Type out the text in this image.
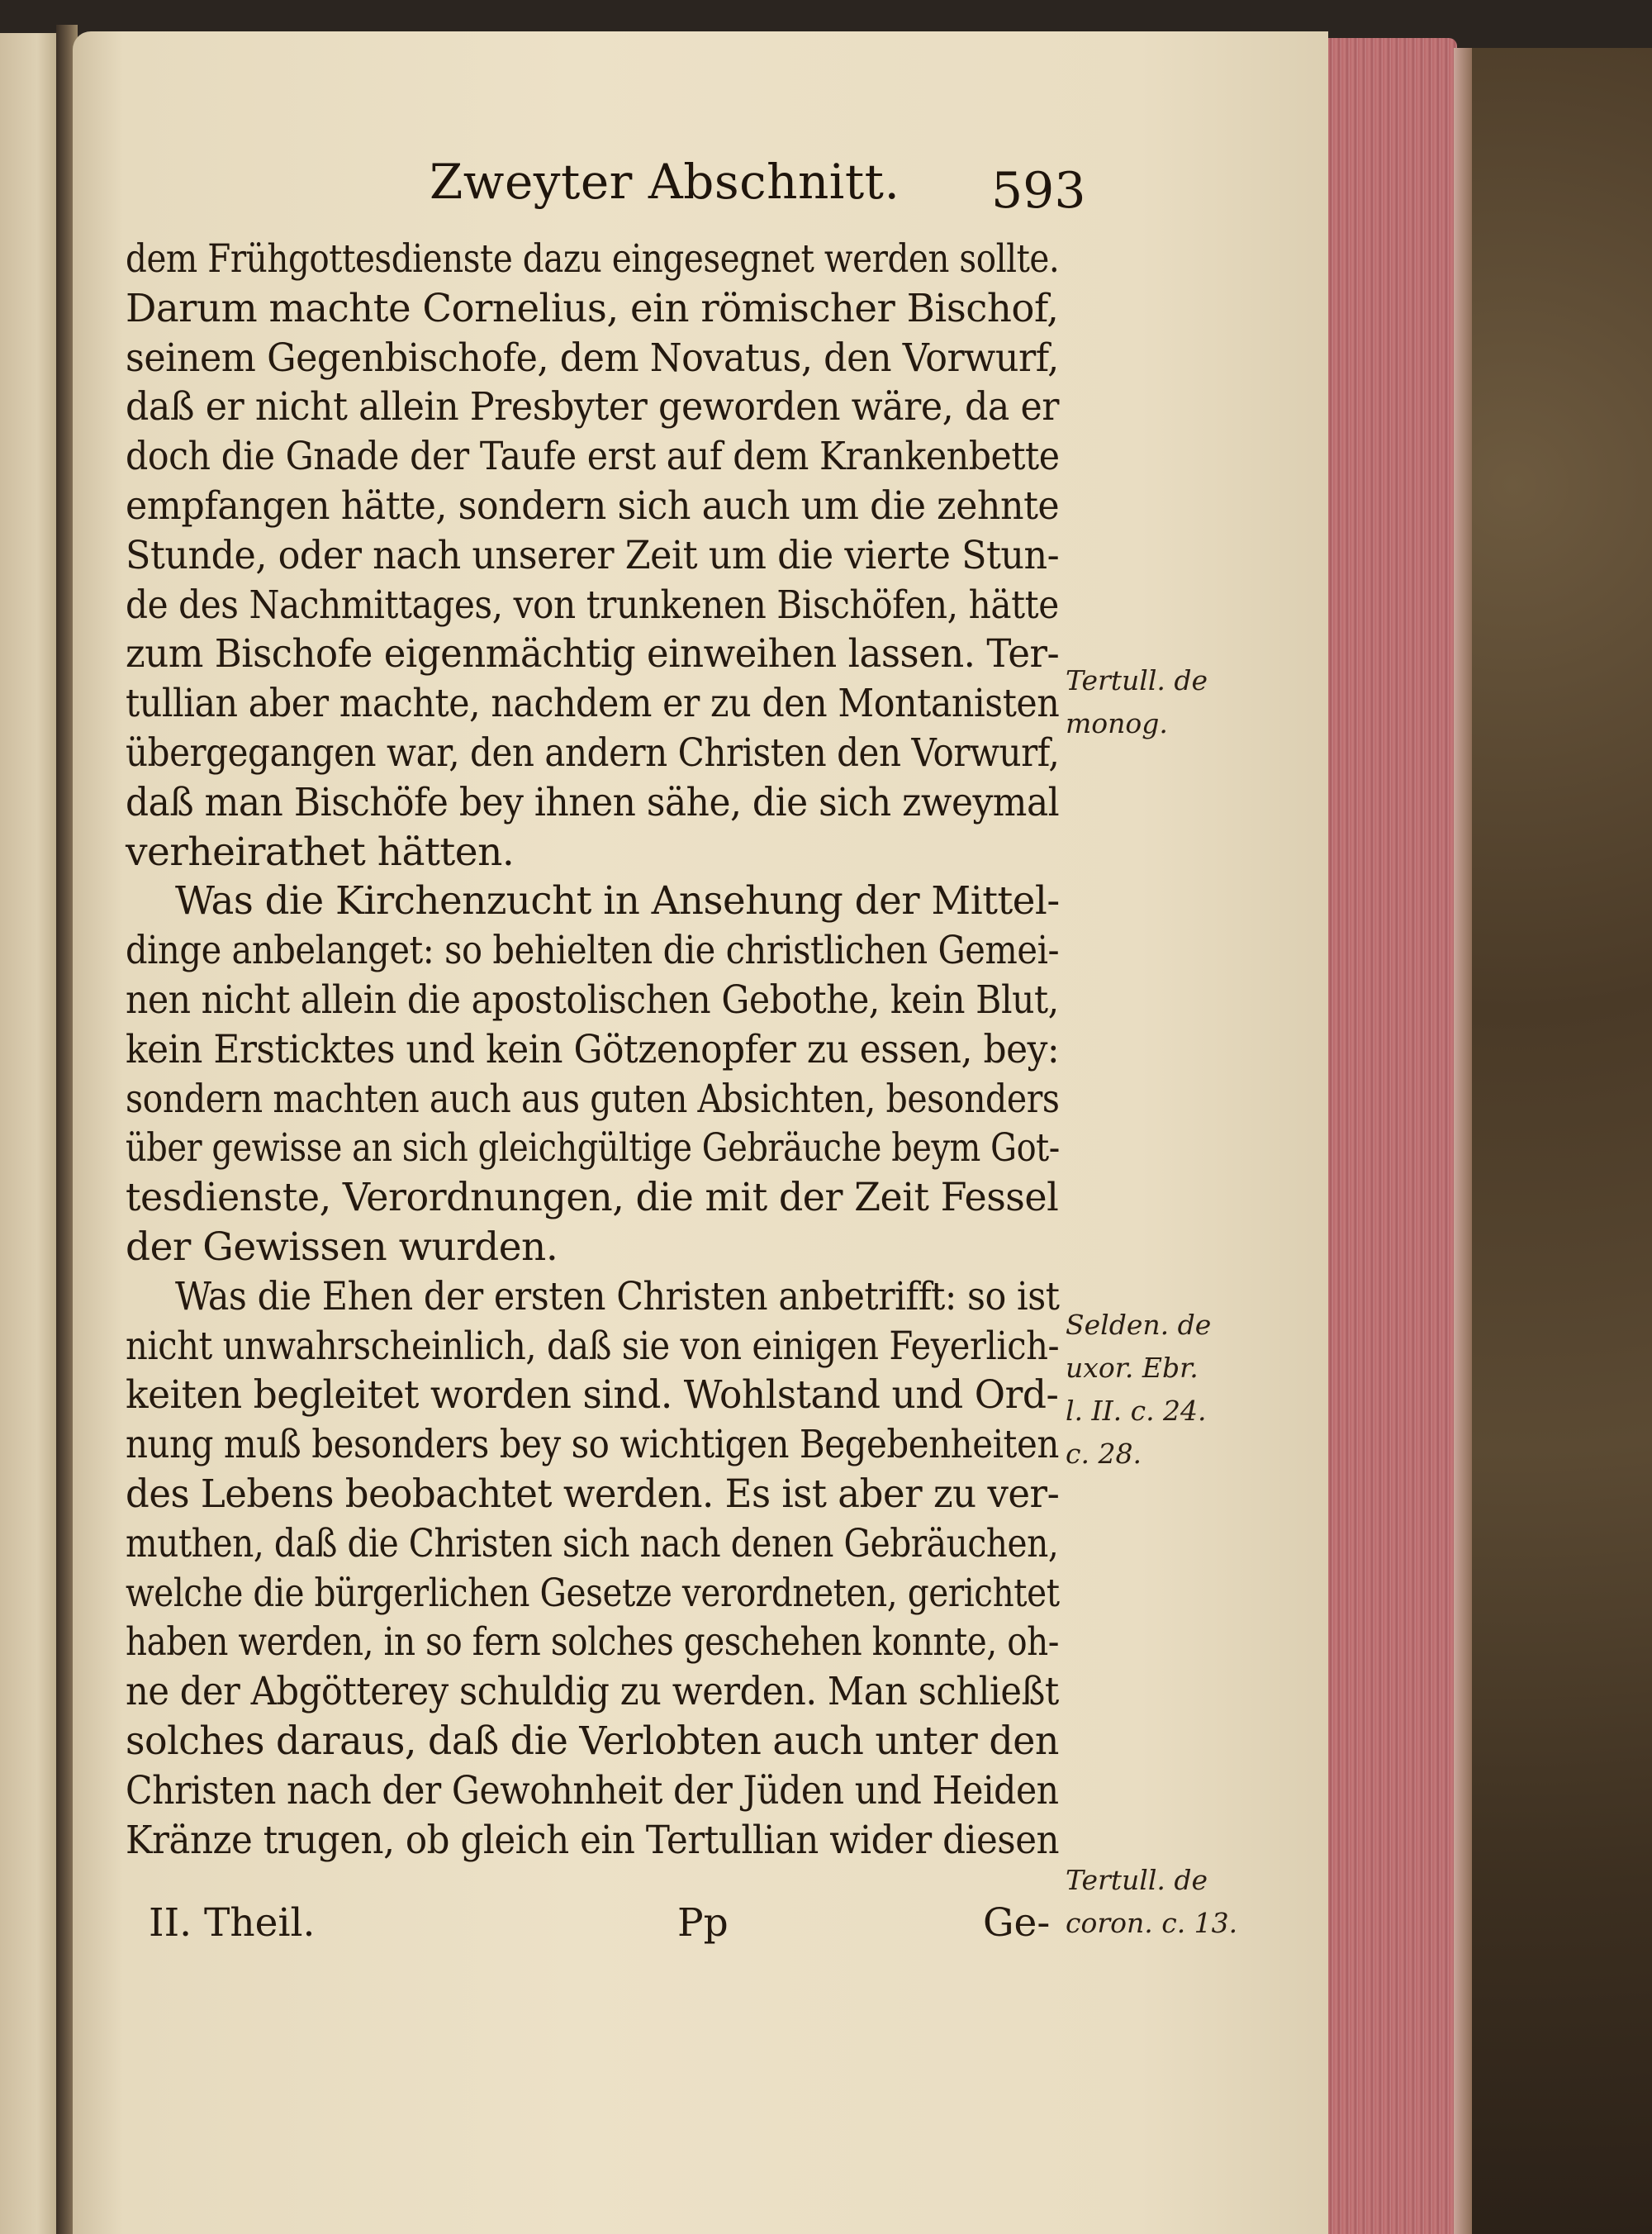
Zweyter Abschnitt. 593
dem Frühgottesdienste dazu eingesegnet werden sollte.
Darum machte Cornelius, ein römischer Bischof,
seinem Gegenbischofe, dem Novatus, den Vorwurf,
daß er nicht allein Presbyter geworden wäre, da er
doch die Gnade der Taufe erst auf dem Krankenbette
empfangen hätte, sondern sich auch um die zehnte
Stunde, oder nach unserer Zeit um die vierte Stun-
de des Nachmittages, von trunkenen Bischöfen, hätte
zum Bischofe eigenmächtig einweihen lassen. Ter-
tullian aber machte, nachdem er zu den Montanisten
übergegangen war, den andern Christen den Vorwurf,
daß man Bischöfe bey ihnen sähe, die sich zweymal
verheirathet hätten.
Was die Kirchenzucht in Ansehung der Mittel-
dinge anbelanget: so behielten die christlichen Gemei-
nen nicht allein die apostolischen Gebothe, kein Blut,
kein Ersticktes und kein Götzenopfer zu essen, bey:
sondern machten auch aus guten Absichten, besonders
über gewisse an sich gleichgültige Gebräuche beym Got-
tesdienste, Verordnungen, die mit der Zeit Fessel
der Gewissen wurden.
Was die Ehen der ersten Christen anbetrifft: so ist
nicht unwahrscheinlich, daß sie von einigen Feyerlich-
keiten begleitet worden sind. Wohlstand und Ord-
nung muß besonders bey so wichtigen Begebenheiten
des Lebens beobachtet werden. Es ist aber zu ver-
muthen, daß die Christen sich nach denen Gebräuchen,
welche die bürgerlichen Gesetze verordneten, gerichtet
haben werden, in so fern solches geschehen konnte, oh-
ne der Abgötterey schuldig zu werden. Man schließt
solches daraus, daß die Verlobten auch unter den
Christen nach der Gewohnheit der Jüden und Heiden
Kränze trugen, ob gleich ein Tertullian wider diesen
Tertull. de
monog.
Selden. de
uxor. Ebr.
l. II. c. 24.
c. 28.
Tertull. de
coron. c. 13.
II. Theil.	Pp	Ge-
